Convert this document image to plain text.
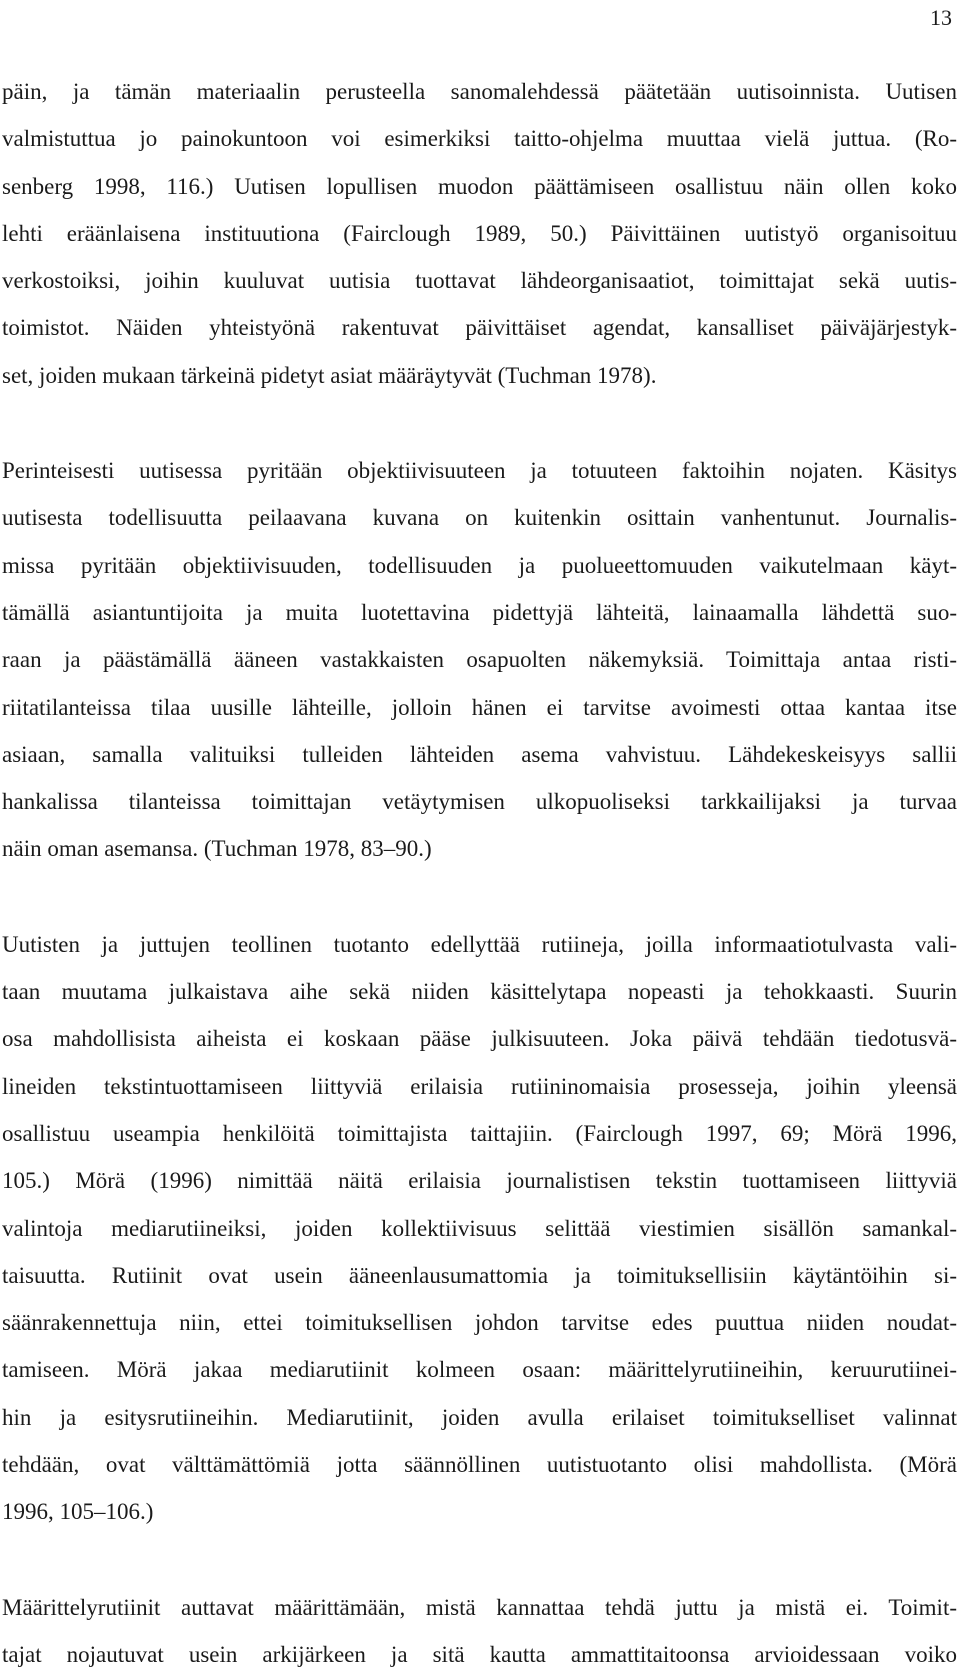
13
päin, ja tämän materiaalin perusteella sanomalehdessä päätetään uutisoinnista. Uutisen
valmistuttua jo painokuntoon voi esimerkiksi taitto-ohjelma muuttaa vielä juttua. (Ro-
senberg 1998, 116.) Uutisen lopullisen muodon päättämiseen osallistuu näin ollen koko
lehti eräänlaisena instituutiona (Fairclough 1989, 50.) Päivittäinen uutistyö organisoituu
verkostoiksi, joihin kuuluvat uutisia tuottavat lähdeorganisaatiot, toimittajat sekä uutis-
toimistot. Näiden yhteistyönä rakentuvat päivittäiset agendat, kansalliset päiväjärjestyk-
set, joiden mukaan tärkeinä pidetyt asiat määräytyvät (Tuchman 1978).
Perinteisesti uutisessa pyritään objektiivisuuteen ja totuuteen faktoihin nojaten. Käsitys
uutisesta todellisuutta peilaavana kuvana on kuitenkin osittain vanhentunut. Journalis-
missa pyritään objektiivisuuden, todellisuuden ja puolueettomuuden vaikutelmaan käyt-
tämällä asiantuntijoita ja muita luotettavina pidettyjä lähteitä, lainaamalla lähdettä suo-
raan ja päästämällä ääneen vastakkaisten osapuolten näkemyksiä. Toimittaja antaa risti-
riitatilanteissa tilaa uusille lähteille, jolloin hänen ei tarvitse avoimesti ottaa kantaa itse
asiaan, samalla valituiksi tulleiden lähteiden asema vahvistuu. Lähdekeskeisyys sallii
hankalissa tilanteissa toimittajan vetäytymisen ulkopuoliseksi tarkkailijaksi ja turvaa
näin oman asemansa. (Tuchman 1978, 83–90.)
Uutisten ja juttujen teollinen tuotanto edellyttää rutiineja, joilla informaatiotulvasta vali-
taan muutama julkaistava aihe sekä niiden käsittelytapa nopeasti ja tehokkaasti. Suurin
osa mahdollisista aiheista ei koskaan pääse julkisuuteen. Joka päivä tehdään tiedotusvä-
lineiden tekstintuottamiseen liittyviä erilaisia rutiininomaisia prosesseja, joihin yleensä
osallistuu useampia henkilöitä toimittajista taittajiin. (Fairclough 1997, 69; Mörä 1996,
105.) Mörä (1996) nimittää näitä erilaisia journalistisen tekstin tuottamiseen liittyviä
valintoja mediarutiineiksi, joiden kollektiivisuus selittää viestimien sisällön samankal-
taisuutta. Rutiinit ovat usein ääneenlausumattomia ja toimituksellisiin käytäntöihin si-
säänrakennettuja niin, ettei toimituksellisen johdon tarvitse edes puuttua niiden noudat-
tamiseen. Mörä jakaa mediarutiinit kolmeen osaan: määrittelyrutiineihin, keruurutiinei-
hin ja esitysrutiineihin. Mediarutiinit, joiden avulla erilaiset toimitukselliset valinnat
tehdään, ovat välttämättömiä jotta säännöllinen uutistuotanto olisi mahdollista. (Mörä
1996, 105–106.)
Määrittelyrutiinit auttavat määrittämään, mistä kannattaa tehdä juttu ja mistä ei. Toimit-
tajat nojautuvat usein arkijärkeen ja sitä kautta ammattitaitoonsa arvioidessaan voiko
